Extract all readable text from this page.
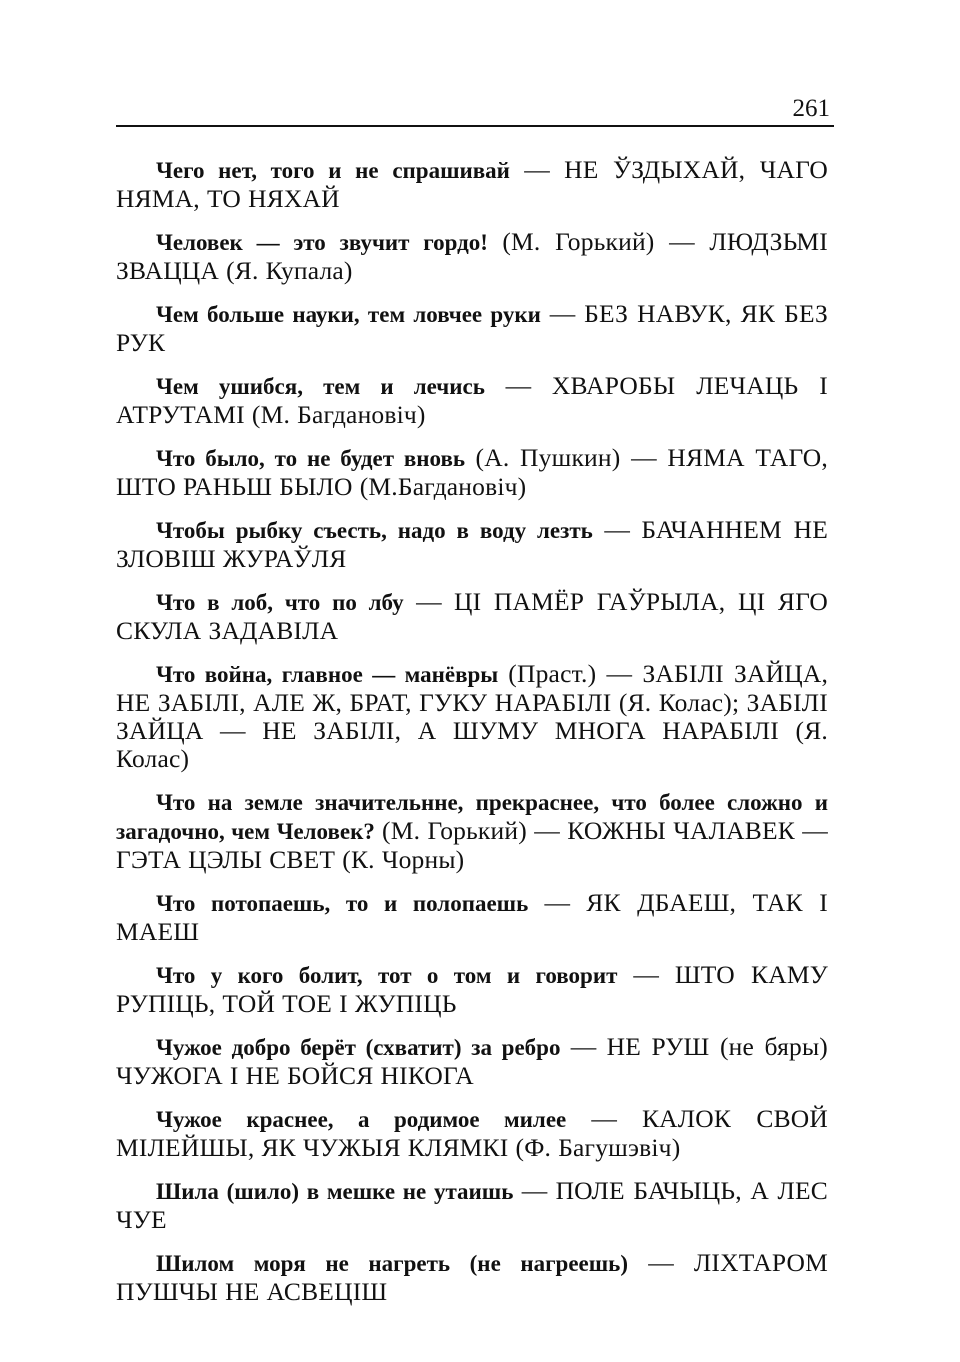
261

Чего нет, того и не спрашивай — НЕ ЎЗДЫХАЙ, ЧАГО НЯМА, ТО НЯХАЙ

Человек — это звучит гордо! (М. Горький) — ЛЮДЗЬМІ ЗВАЦЦА (Я. Купала)

Чем больше науки, тем ловчее руки — БЕЗ НАВУК, ЯК БЕЗ РУК

Чем ушибся, тем и лечись — ХВАРОБЫ ЛЕЧАЦЬ І АТРУТАМІ (М. Багдановіч)

Что было, то не будет вновь (А. Пушкин) — НЯМА ТАГО, ШТО РАНЬШ БЫЛО (М.Багдановіч)

Чтобы рыбку съесть, надо в воду лезть — БАЧАННЕМ НЕ ЗЛОВІШ ЖУРАЎЛЯ

Что в лоб, что по лбу — ЦІ ПАМЁР ГАЎРЫЛА, ЦІ ЯГО СКУЛА ЗАДАВІЛА

Что война, главное — манёвры (Праст.) — ЗАБІЛІ ЗАЙЦА, НЕ ЗАБІЛІ, АЛЕ Ж, БРАТ, ГУКУ НАРАБІЛІ (Я. Колас); ЗАБІЛІ ЗАЙЦА — НЕ ЗАБІЛІ, А ШУМУ МНОГА НАРАБІЛІ (Я. Колас)

Что на земле значительнне, прекраснее, что более сложно и загадочно, чем Человек? (М. Горький) — КОЖНЫ ЧАЛАВЕК — ГЭТА ЦЭЛЫ СВЕТ (К. Чорны)

Что потопаешь, то и полопаешь — ЯК ДБАЕШ, ТАК І МАЕШ

Что у кого болит, тот о том и говорит — ШТО КАМУ РУПІЦЬ, ТОЙ ТОЕ І ЖУПІЦЬ

Чужое добро берёт (схватит) за ребро — НЕ РУШ (не бяры) ЧУЖОГА І НЕ БОЙСЯ НІКОГА

Чужое краснее, а родимое милее — КАЛОК СВОЙ МІЛЕЙШЫ, ЯК ЧУЖЫЯ КЛЯМКІ (Ф. Багушэвіч)

Шила (шило) в мешке не утаишь — ПОЛЕ БАЧЫЦЬ, А ЛЕС ЧУЕ

Шилом моря не нагреть (не нагреешь) — ЛІХТАРОМ ПУШЧЫ НЕ АСВЕЦІШ
